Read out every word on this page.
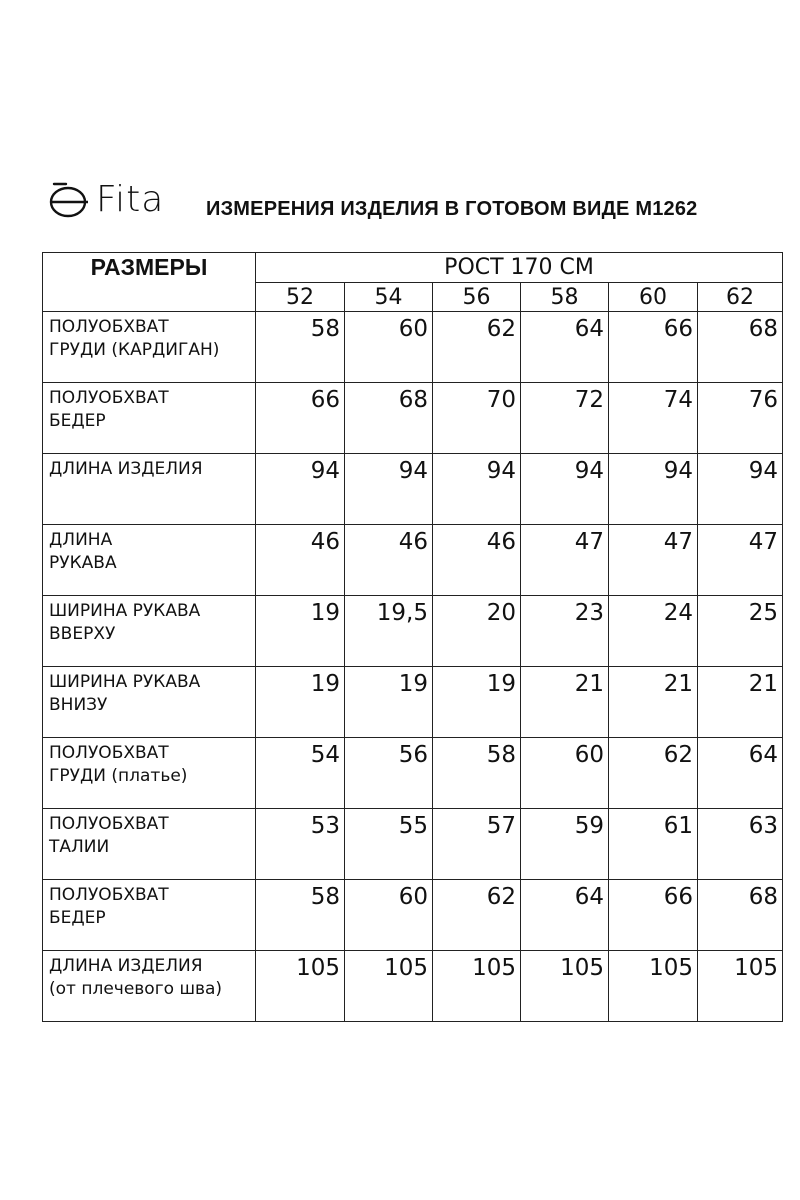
Fita ИЗМЕРЕНИЯ ИЗДЕЛИЯ В ГОТОВОМ ВИДЕ М1262
РАЗМЕРЫ	РОСТ 170 СМ					
	52	54	56	58	60	62

ПОЛУОБХВАТ
ГРУДИ (КАРДИГАН)	58	60	62	64	66	68

ПОЛУОБХВАТ
БЕДЕР	66	68	70	72	74	76

ДЛИНА ИЗДЕЛИЯ	94	94	94	94	94	94

ДЛИНА
РУКАВА	46	46	46	47	47	47

ШИРИНА РУКАВА
ВВЕРХУ	19	19,5	20	23	24	25

ШИРИНА РУКАВА
ВНИЗУ	19	19	19	21	21	21

ПОЛУОБХВАТ
ГРУДИ (платье)	54	56	58	60	62	64

ПОЛУОБХВАТ
ТАЛИИ	53	55	57	59	61	63

ПОЛУОБХВАТ
БЕДЕР	58	60	62	64	66	68

ДЛИНА ИЗДЕЛИЯ
(от плечевого шва)	105	105	105	105	105	105
